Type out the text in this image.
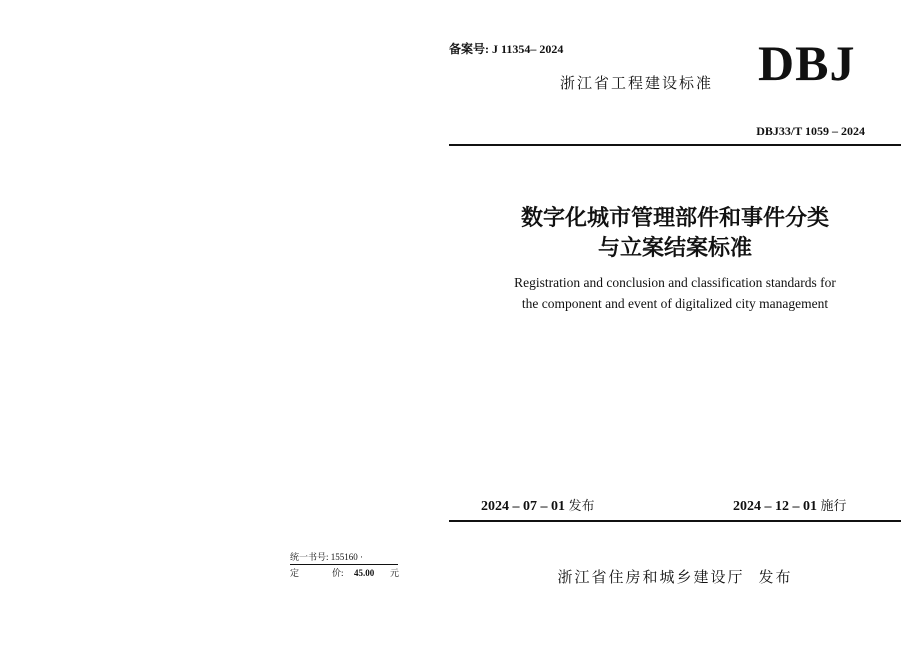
备案号: J 11354– 2024
浙江省工程建设标准 DBJ
DBJ33/T 1059 – 2024
数字化城市管理部件和事件分类
与立案结案标准
Registration and conclusion and classification standards for
the component and event of digitalized city management
2024 – 07 – 01 发布	2024 – 12 – 01 施行
浙江省住房和城乡建设厅 发布
统一书号: 155160 ·
定	价: 45.00 元
